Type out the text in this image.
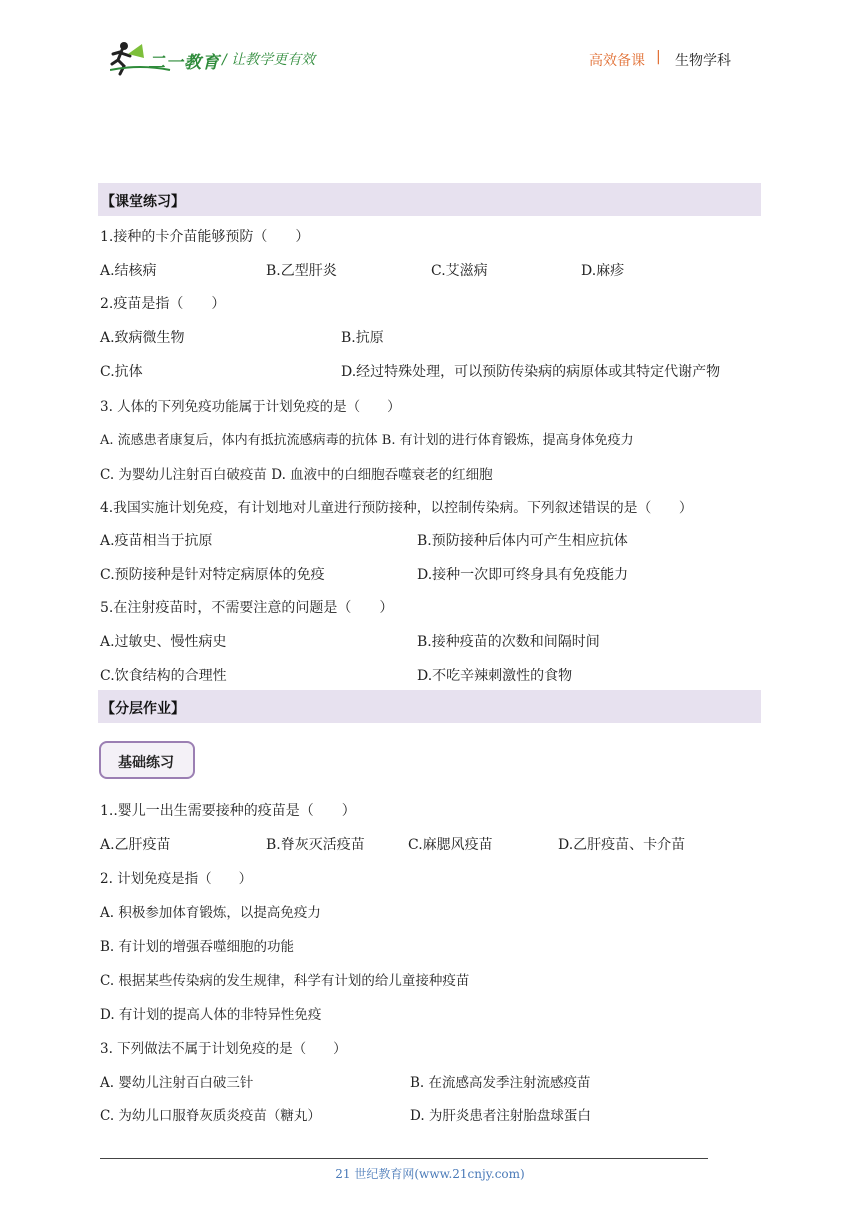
二一教育 / 让教学更有效	高效备课 | 生物学科
【课堂练习】
1.接种的卡介苗能够预防（　　）
A.结核病	B.乙型肝炎	C.艾滋病	D.麻疹
2.疫苗是指（　　）
A.致病微生物	B.抗原
C.抗体	D.经过特殊处理，可以预防传染病的病原体或其特定代谢产物
3. 人体的下列免疫功能属于计划免疫的是（　　）
A. 流感患者康复后，体内有抵抗流感病毒的抗体 B. 有计划的进行体育锻炼，提高身体免疫力
C. 为婴幼儿注射百白破疫苗 D. 血液中的白细胞吞噬衰老的红细胞
4.我国实施计划免疫，有计划地对儿童进行预防接种，以控制传染病。下列叙述错误的是（　　）
A.疫苗相当于抗原	B.预防接种后体内可产生相应抗体
C.预防接种是针对特定病原体的免疫	D.接种一次即可终身具有免疫能力
5.在注射疫苗时，不需要注意的问题是（　　）
A.过敏史、慢性病史	B.接种疫苗的次数和间隔时间
C.饮食结构的合理性	D.不吃辛辣刺激性的食物
【分层作业】
基础练习
1..婴儿一出生需要接种的疫苗是（　　）
A.乙肝疫苗	B.脊灰灭活疫苗	C.麻腮风疫苗	D.乙肝疫苗、卡介苗
2. 计划免疫是指（　　）
A. 积极参加体育锻炼，以提高免疫力
B. 有计划的增强吞噬细胞的功能
C. 根据某些传染病的发生规律，科学有计划的给儿童接种疫苗
D. 有计划的提高人体的非特异性免疫
3. 下列做法不属于计划免疫的是（　　）
A. 婴幼儿注射百白破三针	B. 在流感高发季注射流感疫苗
C. 为幼儿口服脊灰质炎疫苗（糖丸）	D. 为肝炎患者注射胎盘球蛋白
21 世纪教育网(www.21cnjy.com)
